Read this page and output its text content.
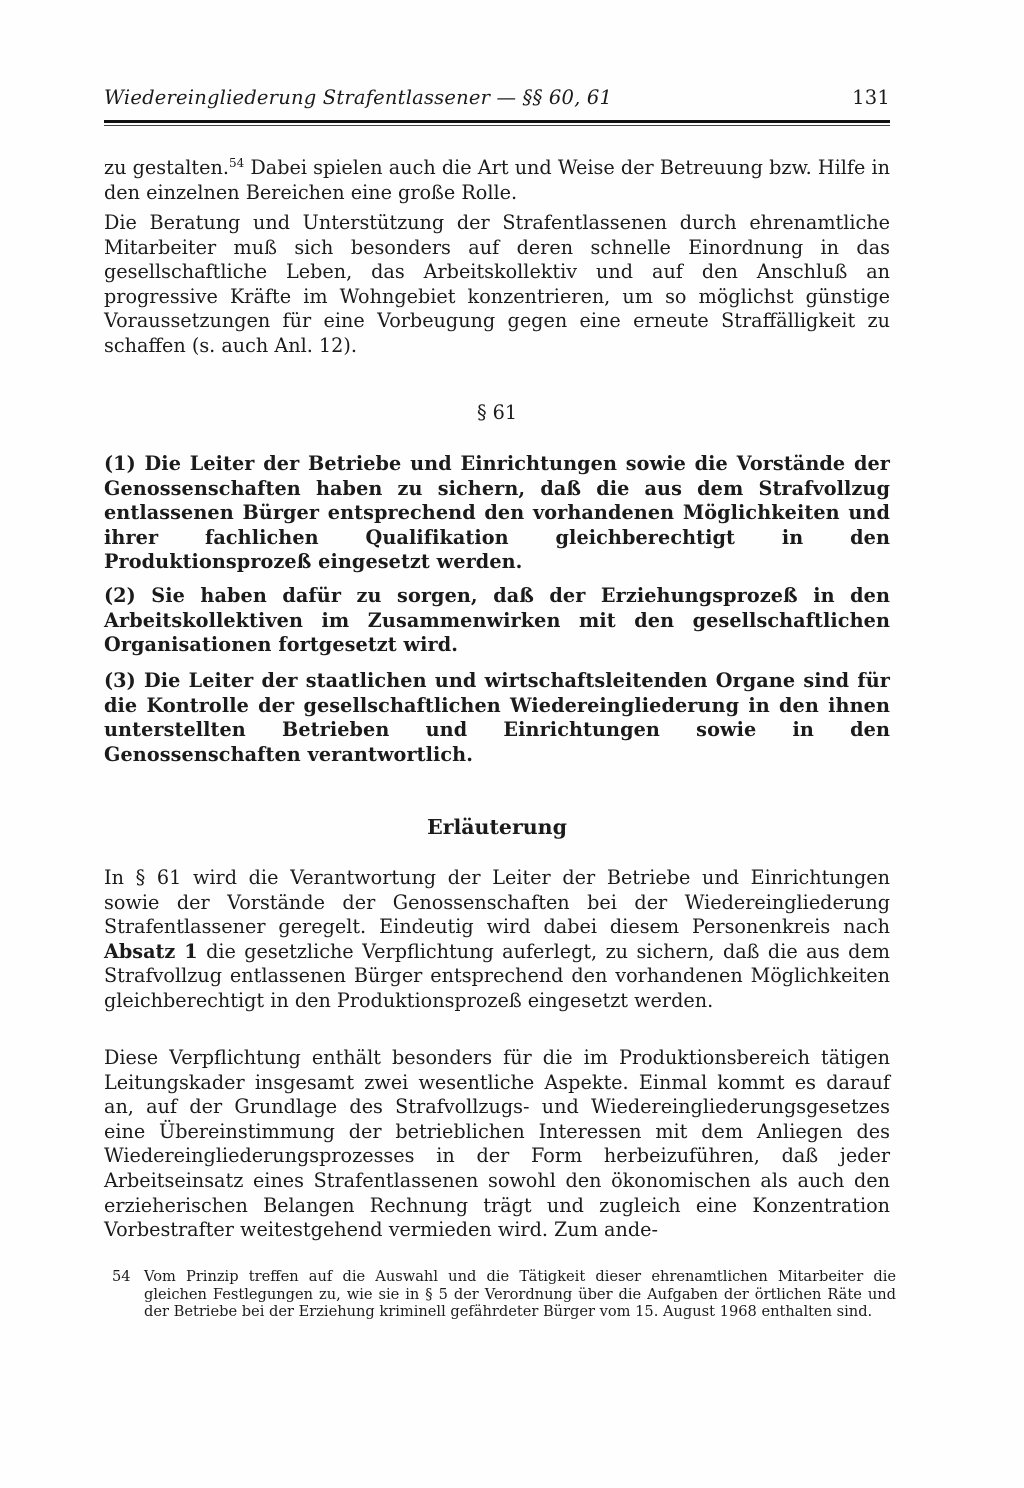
Wiedereingliederung Strafentlassener — §§ 60, 61	131

zu gestalten.$^{54}$ Dabei spielen auch die Art und Weise der Betreuung bzw. Hilfe in den einzelnen Bereichen eine große Rolle.

Die Beratung und Unterstützung der Strafentlassenen durch ehrenamtliche Mitarbeiter muß sich besonders auf deren schnelle Einordnung in das gesellschaftliche Leben, das Arbeitskollektiv und auf den Anschluß an progressive Kräfte im Wohngebiet konzentrieren, um so möglichst günstige Voraussetzungen für eine Vorbeugung gegen eine erneute Straffälligkeit zu schaffen (s. auch Anl. 12).

§ 61

(1) Die Leiter der Betriebe und Einrichtungen sowie die Vorstände der Genossenschaften haben zu sichern, daß die aus dem Strafvollzug entlassenen Bürger entsprechend den vorhandenen Möglichkeiten und ihrer fachlichen Qualifikation gleichberechtigt in den Produktionsprozeß eingesetzt werden.

(2) Sie haben dafür zu sorgen, daß der Erziehungsprozeß in den Arbeitskollektiven im Zusammenwirken mit den gesellschaftlichen Organisationen fortgesetzt wird.

(3) Die Leiter der staatlichen und wirtschaftsleitenden Organe sind für die Kontrolle der gesellschaftlichen Wiedereingliederung in den ihnen unterstellten Betrieben und Einrichtungen sowie in den Genossenschaften verantwortlich.

Erläuterung

In § 61 wird die Verantwortung der Leiter der Betriebe und Einrichtungen sowie der Vorstände der Genossenschaften bei der Wiedereingliederung Strafentlassener geregelt. Eindeutig wird dabei diesem Personenkreis nach Absatz 1 die gesetzliche Verpflichtung auferlegt, zu sichern, daß die aus dem Strafvollzug entlassenen Bürger entsprechend den vorhandenen Möglichkeiten gleichberechtigt in den Produktionsprozeß eingesetzt werden.

Diese Verpflichtung enthält besonders für die im Produktionsbereich tätigen Leitungskader insgesamt zwei wesentliche Aspekte. Einmal kommt es darauf an, auf der Grundlage des Strafvollzugs- und Wiedereingliederungsgesetzes eine Übereinstimmung der betrieblichen Interessen mit dem Anliegen des Wiedereingliederungsprozesses in der Form herbeizuführen, daß jeder Arbeitseinsatz eines Strafentlassenen sowohl den ökonomischen als auch den erzieherischen Belangen Rechnung trägt und zugleich eine Konzentration Vorbestrafter weitestgehend vermieden wird. Zum ande-

54 Vom Prinzip treffen auf die Auswahl und die Tätigkeit dieser ehrenamtlichen Mitarbeiter die gleichen Festlegungen zu, wie sie in § 5 der Verordnung über die Aufgaben der örtlichen Räte und der Betriebe bei der Erziehung kriminell gefährdeter Bürger vom 15. August 1968 enthalten sind.
